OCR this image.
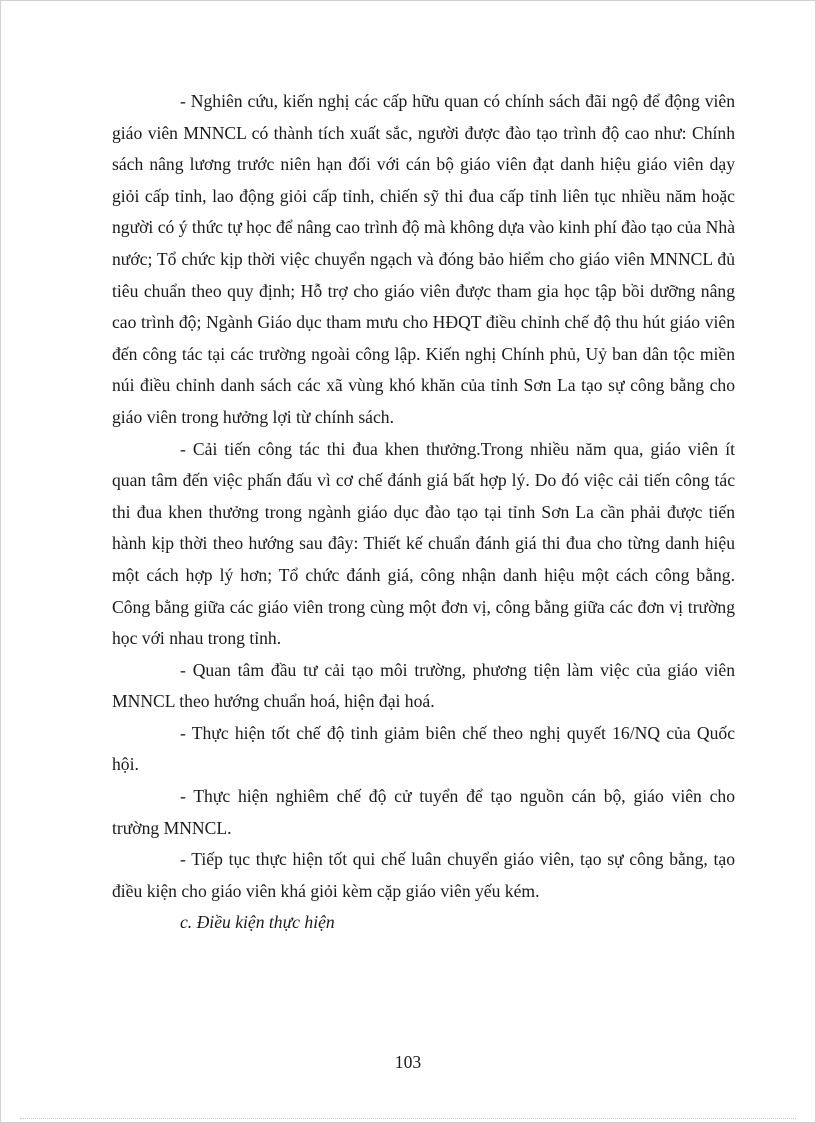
- Nghiên cứu, kiến nghị các cấp hữu quan có chính sách đãi ngộ để động viên giáo viên MNNCL có thành tích xuất sắc, người được đào tạo trình độ cao như: Chính sách nâng lương trước niên hạn đối với cán bộ giáo viên đạt danh hiệu giáo viên dạy giỏi cấp tỉnh, lao động giỏi cấp tỉnh, chiến sỹ thi đua cấp tỉnh liên tục nhiều năm hoặc người có ý thức tự học để nâng cao trình độ mà không dựa vào kinh phí đào tạo của Nhà nước; Tổ chức kịp thời việc chuyển ngạch và đóng bảo hiểm cho giáo viên MNNCL đủ tiêu chuẩn theo quy định; Hỗ trợ cho giáo viên được tham gia học tập bồi dưỡng nâng cao trình độ; Ngành Giáo dục tham mưu cho HĐQT điều chỉnh chế độ thu hút giáo viên đến công tác tại các trường ngoài công lập. Kiến nghị Chính phủ, Uỷ ban dân tộc miền núi điều chỉnh danh sách các xã vùng khó khăn của tỉnh Sơn La tạo sự công bằng cho giáo viên trong hưởng lợi từ chính sách.

- Cải tiến công tác thi đua khen thưởng.Trong nhiều năm qua, giáo viên ít quan tâm đến việc phấn đấu vì cơ chế đánh giá bất hợp lý. Do đó việc cải tiến công tác thi đua khen thưởng trong ngành giáo dục đào tạo tại tỉnh Sơn La cần phải được tiến hành kịp thời theo hướng sau đây: Thiết kế chuẩn đánh giá thi đua cho từng danh hiệu một cách hợp lý hơn; Tổ chức đánh giá, công nhận danh hiệu một cách công bằng. Công bằng giữa các giáo viên trong cùng một đơn vị, công bằng giữa các đơn vị trường học với nhau trong tỉnh.

- Quan tâm đầu tư cải tạo môi trường, phương tiện làm việc của giáo viên MNNCL theo hướng chuẩn hoá, hiện đại hoá.

- Thực hiện tốt chế độ tinh giảm biên chế theo nghị quyết 16/NQ của Quốc hội.

- Thực hiện nghiêm chế độ cử tuyển để tạo nguồn cán bộ, giáo viên cho trường MNNCL.

- Tiếp tục thực hiện tốt qui chế luân chuyển giáo viên, tạo sự công bằng, tạo điều kiện cho giáo viên khá giỏi kèm cặp giáo viên yếu kém.

c. Điều kiện thực hiện

103
